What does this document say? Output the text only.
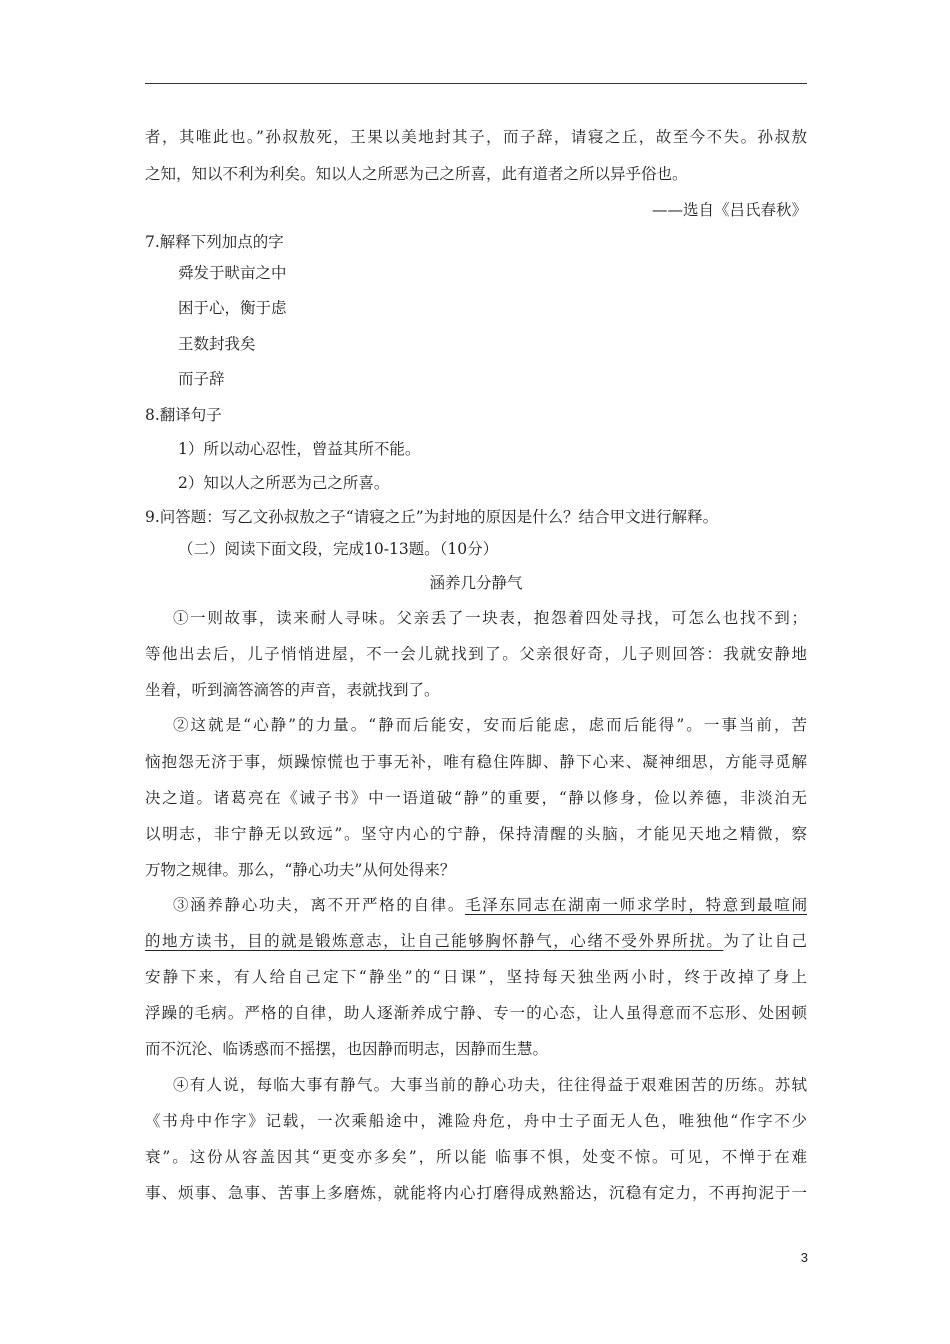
者，其唯此也。”孙叔敖死，王果以美地封其子，而子辞，请寝之丘，故至今不失。孙叔敖
之知，知以不利为利矣。知以人之所恶为己之所喜，此有道者之所以异乎俗也。
——选自《吕氏春秋》
7.解释下列加点的字
舜发于畎亩之中
困于心，衡于虑
王数封我矣
而子辞
8.翻译句子
1）所以动心忍性，曾益其所不能。
2）知以人之所恶为己之所喜。
9.问答题：写乙文孙叔敖之子“请寝之丘”为封地的原因是什么？结合甲文进行解释。
（二）阅读下面文段，完成10-13题。（10分）
涵养几分静气
①一则故事，读来耐人寻味。父亲丢了一块表，抱怨着四处寻找，可怎么也找不到；
等他出去后，儿子悄悄进屋，不一会儿就找到了。父亲很好奇，儿子则回答：我就安静地
坐着，听到滴答滴答的声音，表就找到了。
②这就是“心静”的力量。“静而后能安，安而后能虑，虑而后能得”。一事当前，苦
恼抱怨无济于事，烦躁惊慌也于事无补，唯有稳住阵脚、静下心来、凝神细思，方能寻觅解
决之道。诸葛亮在《诫子书》中一语道破“静”的重要，“静以修身，俭以养德，非淡泊无
以明志，非宁静无以致远”。坚守内心的宁静，保持清醒的头脑，才能见天地之精微，察
万物之规律。那么，“静心功夫”从何处得来？
③涵养静心功夫，离不开严格的自律。毛泽东同志在湖南一师求学时，特意到最喧闹
的地方读书，目的就是锻炼意志，让自己能够胸怀静气，心绪不受外界所扰。为了让自己
安静下来，有人给自己定下“静坐”的“日课”，坚持每天独坐两小时，终于改掉了身上
浮躁的毛病。严格的自律，助人逐渐养成宁静、专一的心态，让人虽得意而不忘形、处困顿
而不沉沦、临诱惑而不摇摆，也因静而明志，因静而生慧。
④有人说，每临大事有静气。大事当前的静心功夫，往往得益于艰难困苦的历练。苏轼
《书舟中作字》记载，一次乘船途中，滩险舟危，舟中士子面无人色，唯独他“作字不少
衰”。这份从容盖因其“更变亦多矣”，所以能 临事不惧，处变不惊。可见，不惮于在难
事、烦事、急事、苦事上多磨炼，就能将内心打磨得成熟豁达，沉稳有定力，不再拘泥于一
3
